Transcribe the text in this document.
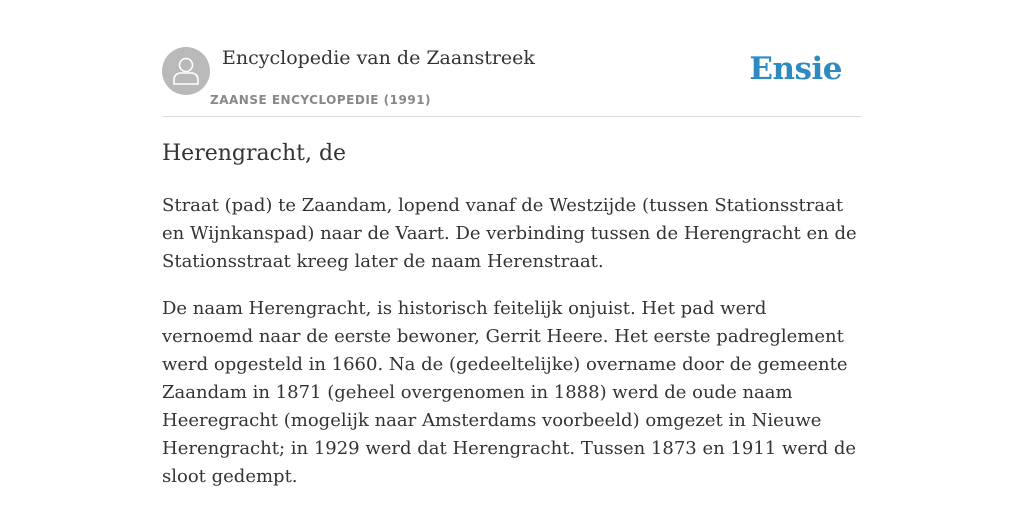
Encyclopedie van de Zaanstreek
ZAANSE ENCYCLOPEDIE (1991)
Ensie
Herengracht, de

Straat (pad) te Zaandam, lopend vanaf de Westzijde (tussen Stationsstraat en Wijnkanspad) naar de Vaart. De verbinding tussen de Herengracht en de Stationsstraat kreeg later de naam Herenstraat.

De naam Herengracht, is historisch feitelijk onjuist. Het pad werd vernoemd naar de eerste bewoner, Gerrit Heere. Het eerste padreglement werd opgesteld in 1660. Na de (gedeeltelijke) overname door de gemeente Zaandam in 1871 (geheel overgenomen in 1888) werd de oude naam Heeregracht (mogelijk naar Amsterdams voorbeeld) omgezet in Nieuwe Herengracht; in 1929 werd dat Herengracht. Tussen 1873 en 1911 werd de sloot gedempt.
